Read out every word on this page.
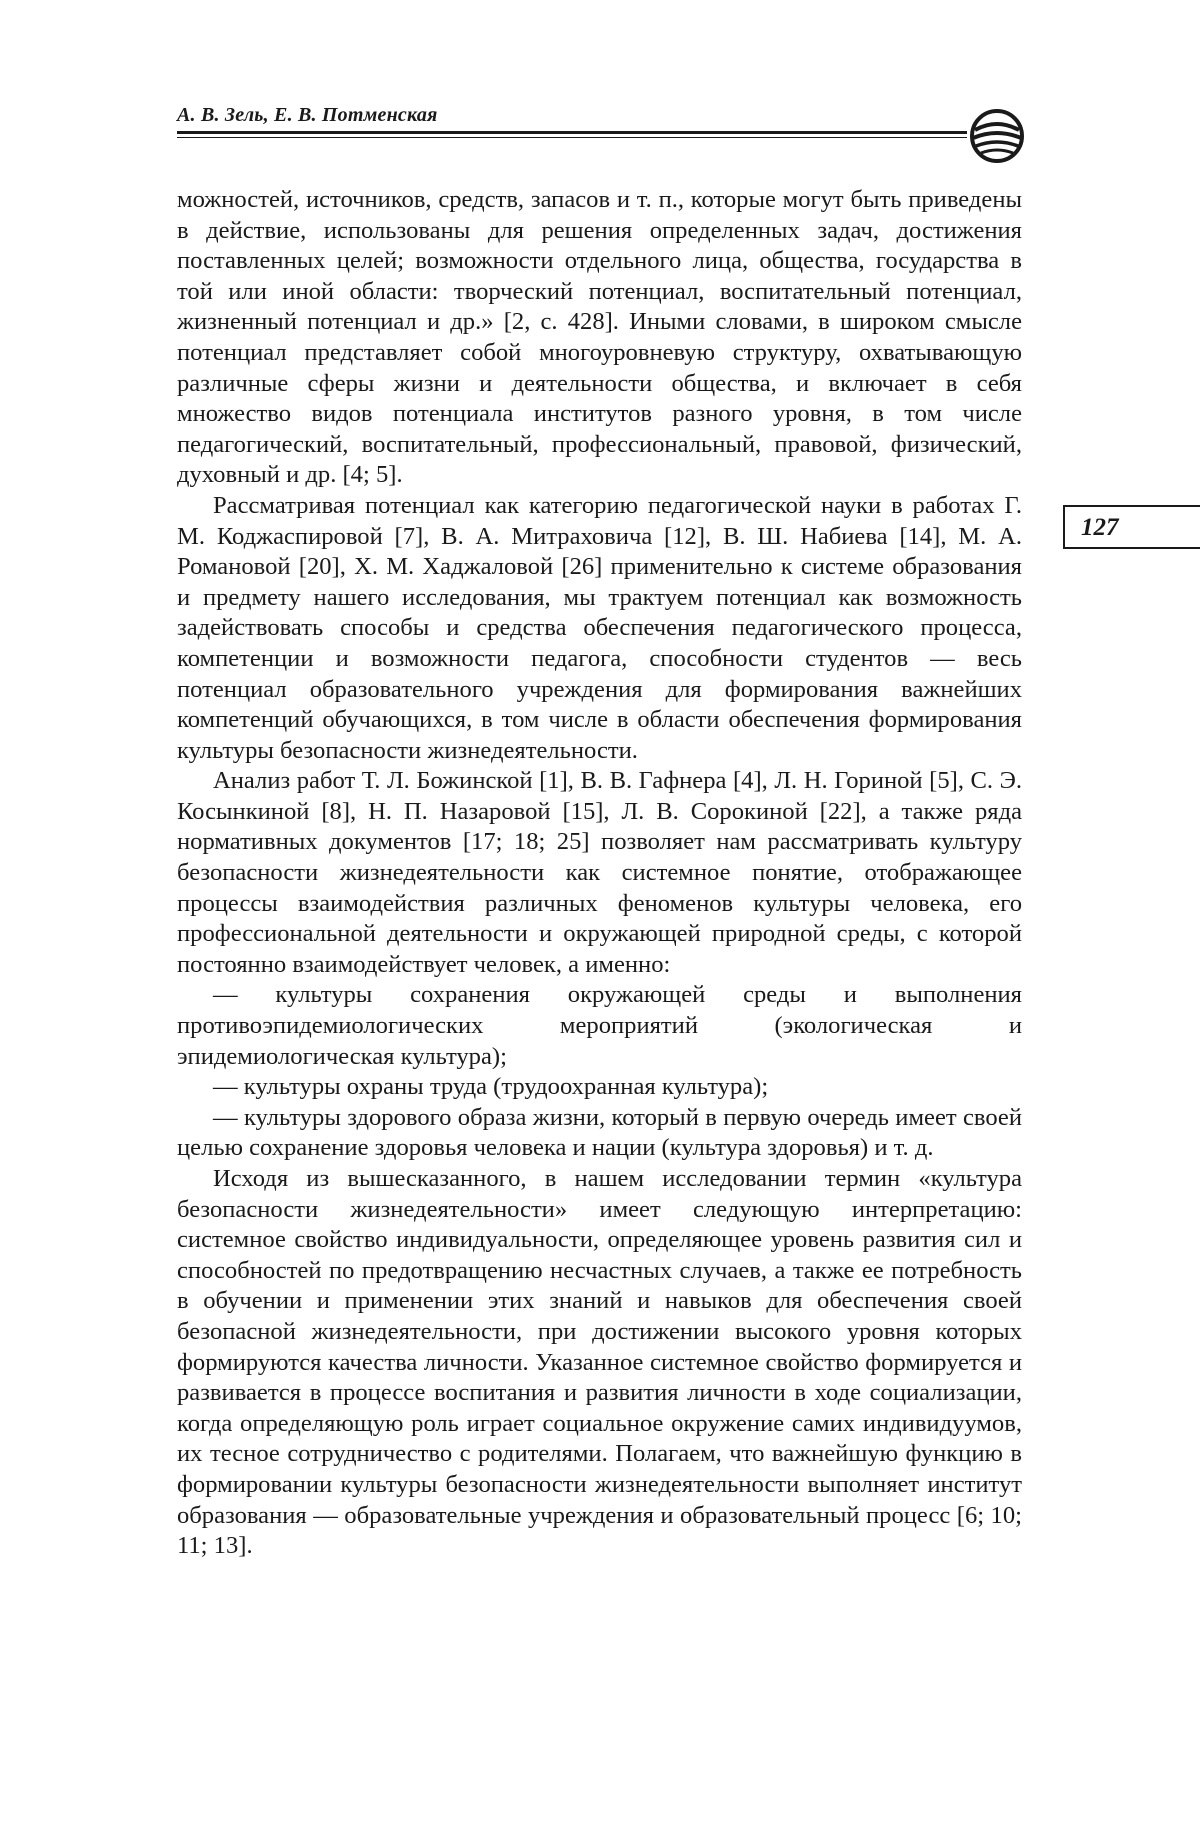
А. В. Зель, Е. В. Потменская
127

можностей, источников, средств, запасов и т. п., которые могут быть приведены в действие, использованы для решения определенных задач, достижения поставленных целей; возможности отдельного лица, общества, государства в той или иной области: творческий потенциал, воспитательный потенциал, жизненный потенциал и др.» [2, с. 428]. Иными словами, в широком смысле потенциал представляет собой многоуровневую структуру, охватывающую различные сферы жизни и деятельности общества, и включает в себя множество видов потенциала институтов разного уровня, в том числе педагогический, воспитательный, профессиональный, правовой, физический, духовный и др. [4; 5].

Рассматривая потенциал как категорию педагогической науки в работах Г. М. Коджаспировой [7], В. А. Митраховича [12], В. Ш. Набиева [14], М. А. Романовой [20], Х. М. Хаджаловой [26] применительно к системе образования и предмету нашего исследования, мы трактуем потенциал как возможность задействовать способы и средства обеспечения педагогического процесса, компетенции и возможности педагога, способности студентов — весь потенциал образовательного учреждения для формирования важнейших компетенций обучающихся, в том числе в области обеспечения формирования культуры безопасности жизнедеятельности.

Анализ работ Т. Л. Божинской [1], В. В. Гафнера [4], Л. Н. Гориной [5], С. Э. Косынкиной [8], Н. П. Назаровой [15], Л. В. Сорокиной [22], а также ряда нормативных документов [17; 18; 25] позволяет нам рассматривать культуру безопасности жизнедеятельности как системное понятие, отображающее процессы взаимодействия различных феноменов культуры человека, его профессиональной деятельности и окружающей природной среды, с которой постоянно взаимодействует человек, а именно:

— культуры сохранения окружающей среды и выполнения противоэпидемиологических мероприятий (экологическая и эпидемиологическая культура);

— культуры охраны труда (трудоохранная культура);

— культуры здорового образа жизни, который в первую очередь имеет своей целью сохранение здоровья человека и нации (культура здоровья) и т. д.

Исходя из вышесказанного, в нашем исследовании термин «культура безопасности жизнедеятельности» имеет следующую интерпретацию: системное свойство индивидуальности, определяющее уровень развития сил и способностей по предотвращению несчастных случаев, а также ее потребность в обучении и применении этих знаний и навыков для обеспечения своей безопасной жизнедеятельности, при достижении высокого уровня которых формируются качества личности. Указанное системное свойство формируется и развивается в процессе воспитания и развития личности в ходе социализации, когда определяющую роль играет социальное окружение самих индивидуумов, их тесное сотрудничество с родителями. Полагаем, что важнейшую функцию в формировании культуры безопасности жизнедеятельности выполняет институт образования — образовательные учреждения и образовательный процесс [6; 10; 11; 13].
